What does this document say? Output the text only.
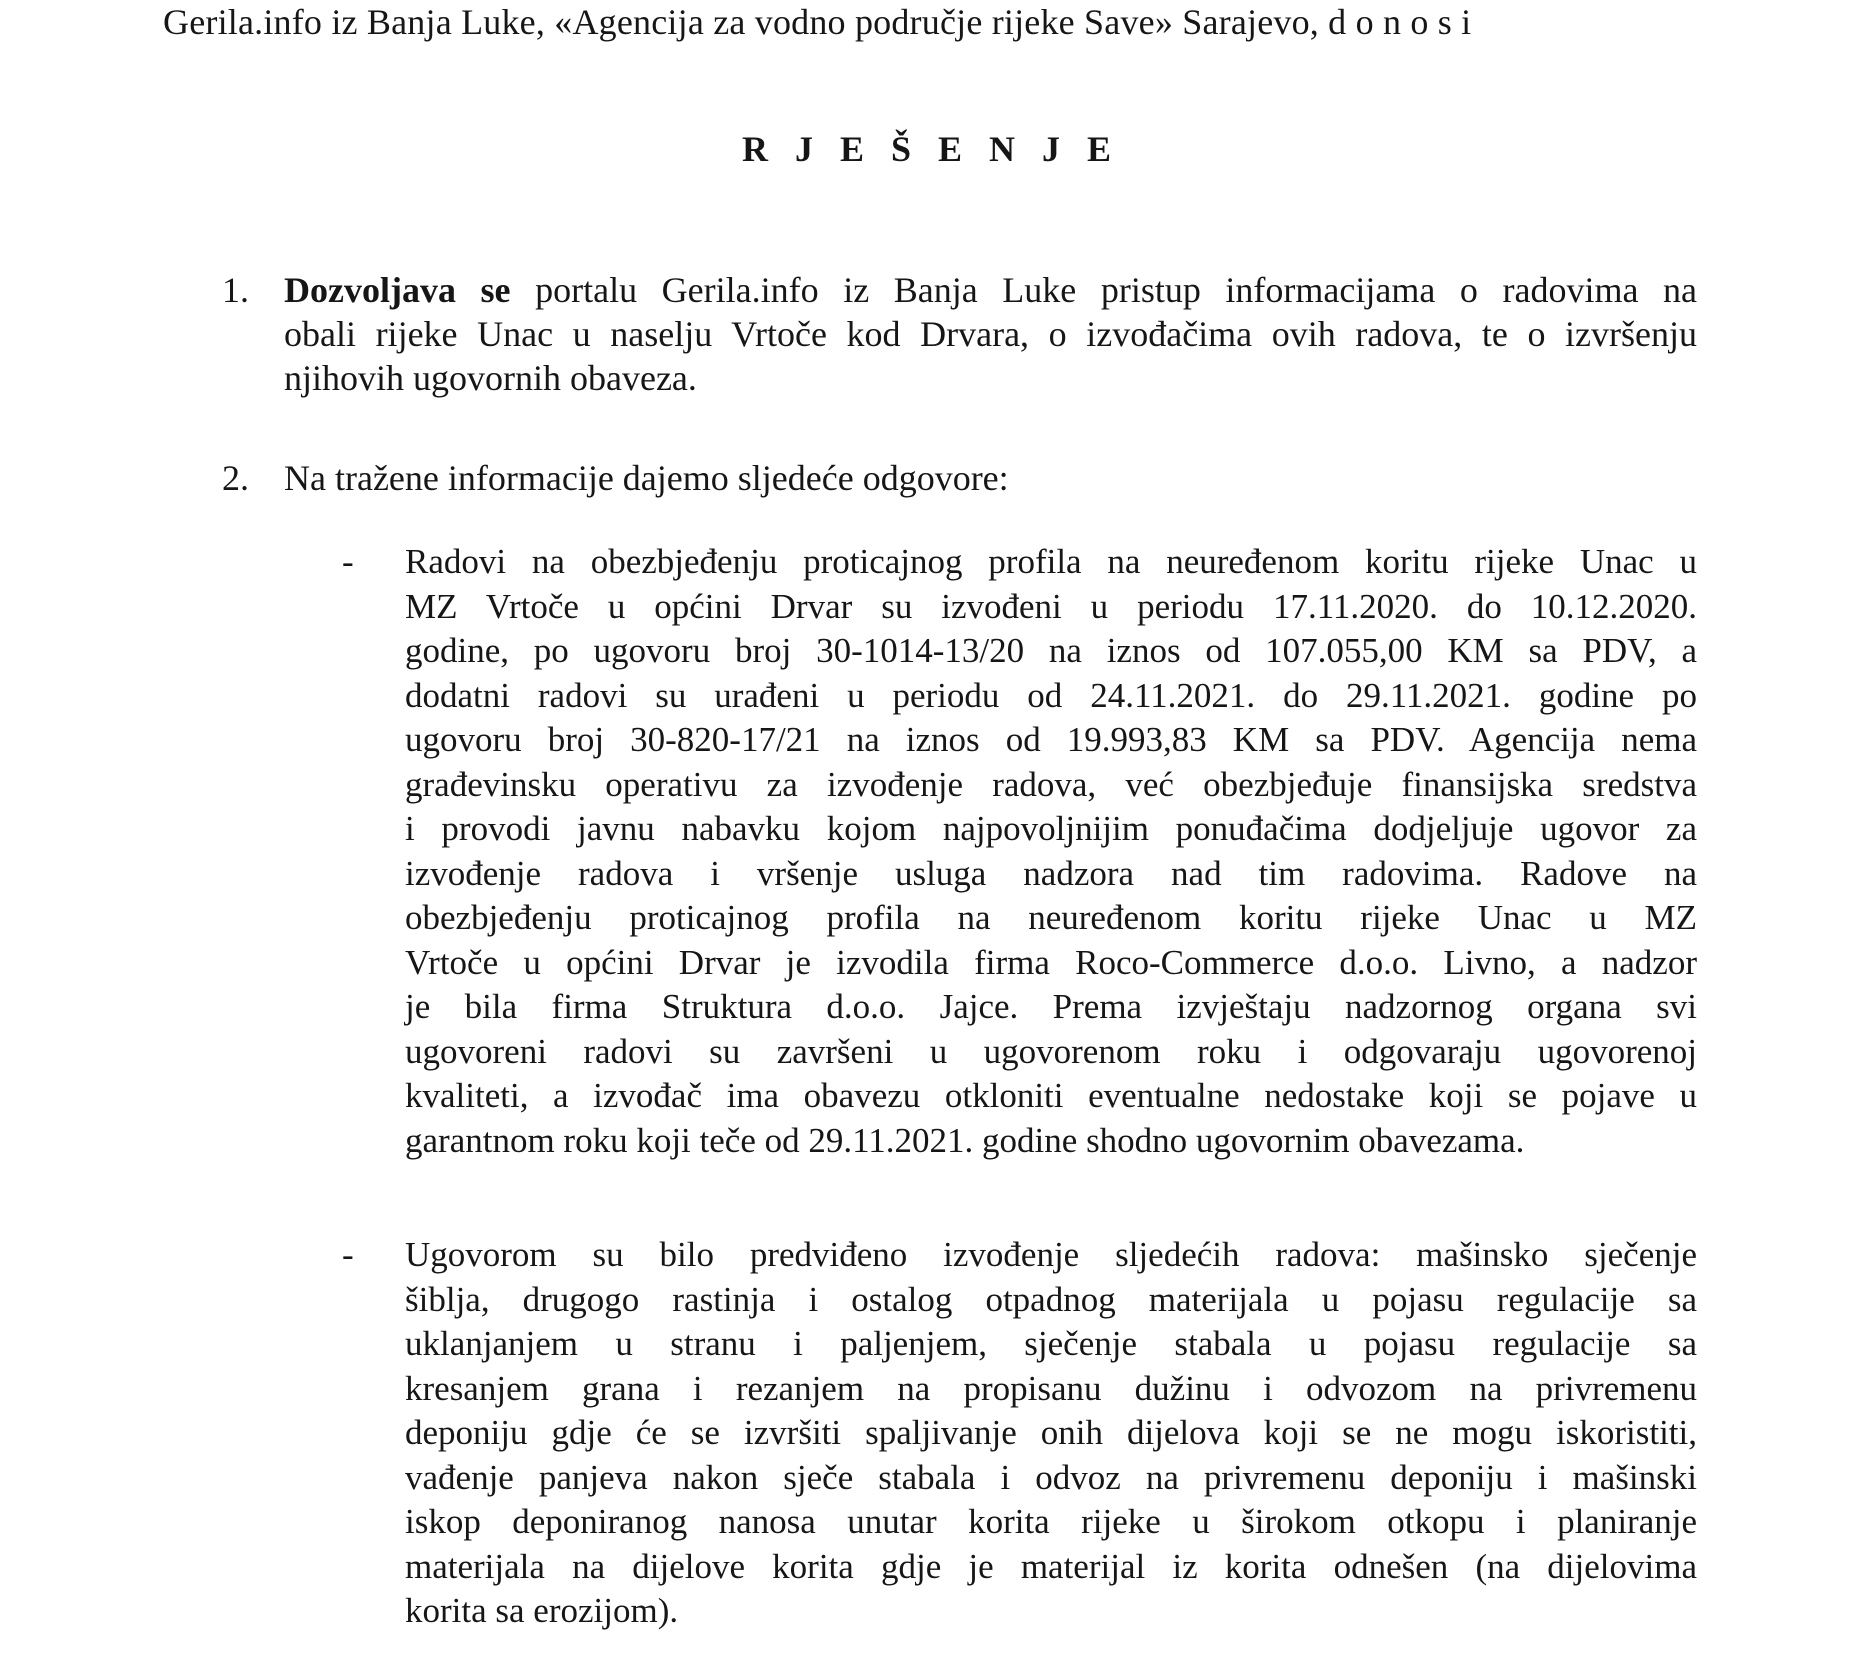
Gerila.info iz Banja Luke, «Agencija za vodno područje rijeke Save» Sarajevo, d o n o s i
R J E Š E N J E
1. Dozvoljava se portalu Gerila.info iz Banja Luke pristup informacijama o radovima na
obali rijeke Unac u naselju Vrtoče kod Drvara, o izvođačima ovih radova, te o izvršenju
njihovih ugovornih obaveza.
2. Na tražene informacije dajemo sljedeće odgovore:
-	Radovi na obezbjeđenju proticajnog profila na neuređenom koritu rijeke Unac u
MZ Vrtoče u općini Drvar su izvođeni u periodu 17.11.2020. do 10.12.2020.
godine, po ugovoru broj 30-1014-13/20 na iznos od 107.055,00 KM sa PDV, a
dodatni radovi su urađeni u periodu od 24.11.2021. do 29.11.2021. godine po
ugovoru broj 30-820-17/21 na iznos od 19.993,83 KM sa PDV. Agencija nema
građevinsku operativu za izvođenje radova, već obezbjeđuje finansijska sredstva
i provodi javnu nabavku kojom najpovoljnijim ponuđačima dodjeljuje ugovor za
izvođenje radova i vršenje usluga nadzora nad tim radovima. Radove na
obezbjeđenju proticajnog profila na neuređenom koritu rijeke Unac u MZ
Vrtoče u općini Drvar je izvodila firma Roco-Commerce d.o.o. Livno, a nadzor
je bila firma Struktura d.o.o. Jajce. Prema izvještaju nadzornog organa svi
ugovoreni radovi su završeni u ugovorenom roku i odgovaraju ugovorenoj
kvaliteti, a izvođač ima obavezu otkloniti eventualne nedostake koji se pojave u
garantnom roku koji teče od 29.11.2021. godine shodno ugovornim obavezama.
-	Ugovorom su bilo predviđeno izvođenje sljedećih radova: mašinsko sječenje
šiblja, drugogo rastinja i ostalog otpadnog materijala u pojasu regulacije sa
uklanjanjem u stranu i paljenjem, sječenje stabala u pojasu regulacije sa
kresanjem grana i rezanjem na propisanu dužinu i odvozom na privremenu
deponiju gdje će se izvršiti spaljivanje onih dijelova koji se ne mogu iskoristiti,
vađenje panjeva nakon sječe stabala i odvoz na privremenu deponiju i mašinski
iskop deponiranog nanosa unutar korita rijeke u širokom otkopu i planiranje
materijala na dijelove korita gdje je materijal iz korita odnešen (na dijelovima
korita sa erozijom).
